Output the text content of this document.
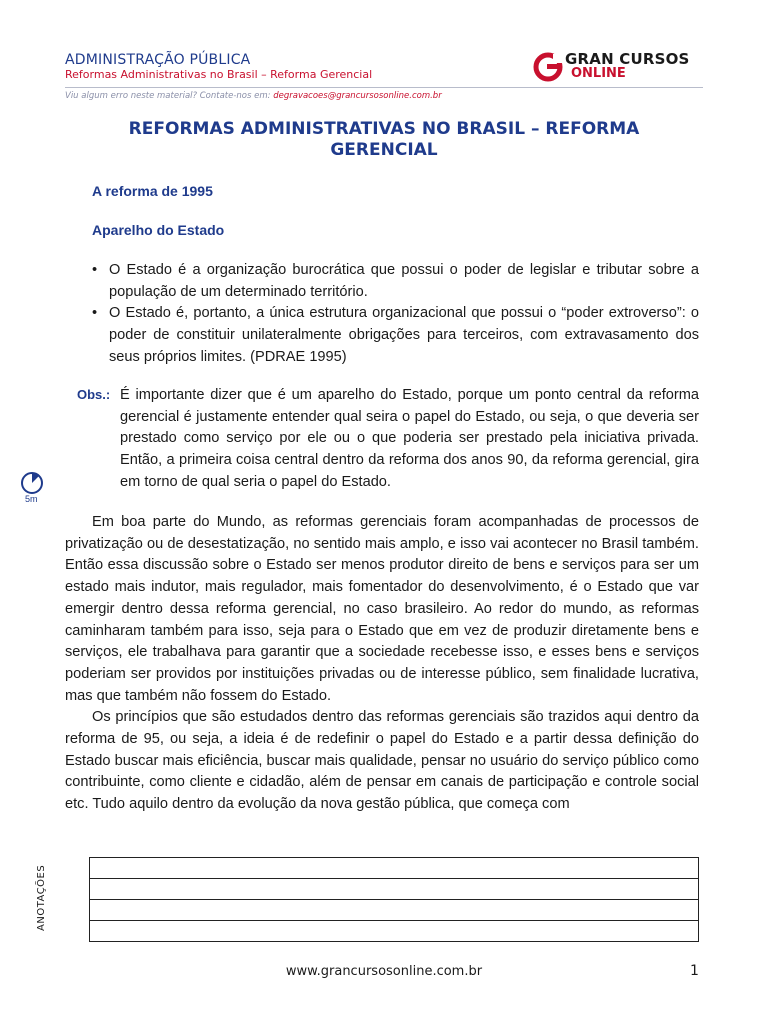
ADMINISTRAÇÃO PÚBLICA
Reformas Administrativas no Brasil – Reforma Gerencial
GRAN CURSOS
ONLINE
Viu algum erro neste material? Contate-nos em: degravacoes@grancursosonline.com.br
REFORMAS ADMINISTRATIVAS NO BRASIL – REFORMA GERENCIAL
A reforma de 1995
Aparelho do Estado
• O Estado é a organização burocrática que possui o poder de legislar e tributar sobre a população de um determinado território.
• O Estado é, portanto, a única estrutura organizacional que possui o “poder extroverso”: o poder de constituir unilateralmente obrigações para terceiros, com extravasamento dos seus próprios limites. (PDRAE 1995)
Obs.: É importante dizer que é um aparelho do Estado, porque um ponto central da reforma gerencial é justamente entender qual seira o papel do Estado, ou seja, o que deveria ser prestado como serviço por ele ou o que poderia ser prestado pela iniciativa privada. Então, a primeira coisa central dentro da reforma dos anos 90, da reforma gerencial, gira em torno de qual seria o papel do Estado.
5m

Em boa parte do Mundo, as reformas gerenciais foram acompanhadas de processos de privatização ou de desestatização, no sentido mais amplo, e isso vai acontecer no Brasil também. Então essa discussão sobre o Estado ser menos produtor direito de bens e serviços para ser um estado mais indutor, mais regulador, mais fomentador do desenvolvimento, é o Estado que var emergir dentro dessa reforma gerencial, no caso brasileiro. Ao redor do mundo, as reformas caminharam também para isso, seja para o Estado que em vez de produzir diretamente bens e serviços, ele trabalhava para garantir que a sociedade recebesse isso, e esses bens e serviços poderiam ser providos por instituições privadas ou de interesse público, sem finalidade lucrativa, mas que também não fossem do Estado.

Os princípios que são estudados dentro das reformas gerenciais são trazidos aqui dentro da reforma de 95, ou seja, a ideia é de redefinir o papel do Estado e a partir dessa definição do Estado buscar mais eficiência, buscar mais qualidade, pensar no usuário do serviço público como contribuinte, como cliente e cidadão, além de pensar em canais de participação e controle social etc. Tudo aquilo dentro da evolução da nova gestão pública, que começa com

ANOTAÇÕES
www.grancursosonline.com.br	1
